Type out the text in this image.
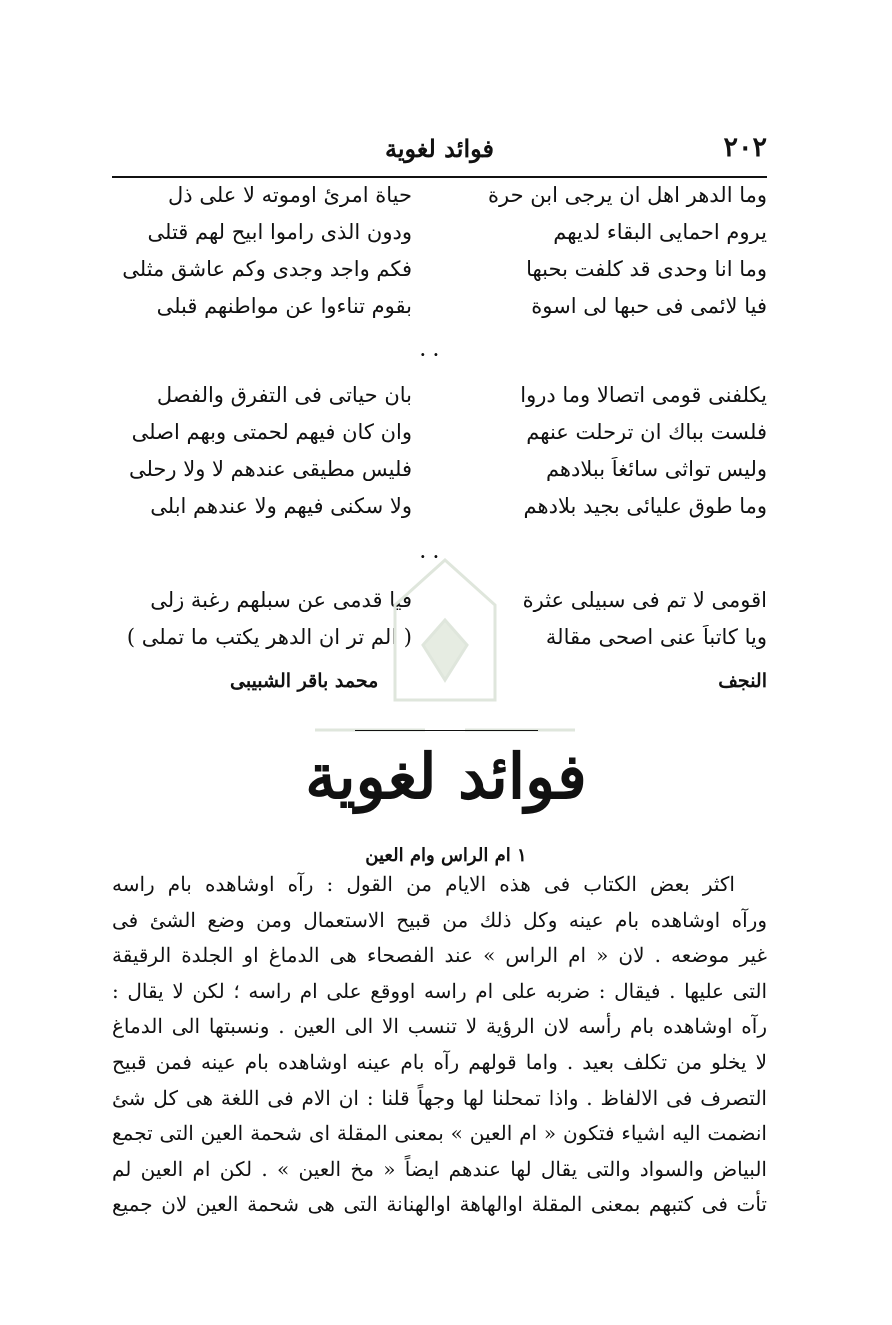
٢٠٢
فوائد لغوية
وما الدهر اهل ان يرجى ابن حرة
حياة امرئ اوموته لا على ذل
يروم احمايى البقاء لديهم
ودون الذى راموا ابيح لهم قتلى
وما انا وحدى قد كلفت بحبها
فكم واجد وجدى وكم عاشق مثلى
فيا لائمى فى حبها لى اسوة
بقوم تناءوا عن مواطنهم قبلى
· ·
يكلفنى قومى اتصالا وما دروا
بان حياتى فى التفرق والفصل
فلست بباك ان ترحلت عنهم
وان كان فيهم لحمتى وبهم اصلى
وليس تواثى سائغاً ببلادهم
فليس مطيقى عندهم لا ولا رحلى
وما طوق عليائى بجيد بلادهم
ولا سكنى فيهم ولا عندهم ابلى
· ·
اقومى لا تم فى سبيلى عثرة
فيا قدمى عن سبلهم رغبة زلى
ويا كاتباً عنى اصحى مقالة
( الم تر ان الدهر يكتب ما تملى )
النجف
محمد باقر الشبيبى
فوائد لغوية
١ ام الراس وام العين
اكثر بعض الكتاب فى هذه الايام من القول : رآه اوشاهده بام راسه
ورآه اوشاهده بام عينه وكل ذلك من قبيح الاستعمال ومن وضع الشئ فى
غير موضعه . لان « ام الراس » عند الفصحاء هى الدماغ او الجلدة الرقيقة
التى عليها . فيقال : ضربه على ام راسه اووقع على ام راسه ؛ لكن لا يقال :
رآه اوشاهده بام رأسه لان الرؤية لا تنسب الا الى العين . ونسبتها الى الدماغ
لا يخلو من تكلف بعيد . واما قولهم رآه بام عينه اوشاهده بام عينه فمن قبيح
التصرف فى الالفاظ . واذا تمحلنا لها وجهاً قلنا : ان الام فى اللغة هى كل شئ
انضمت اليه اشياء فتكون « ام العين » بمعنى المقلة اى شحمة العين التى تجمع
البياض والسواد والتى يقال لها عندهم ايضاً « مخ العين » . لكن ام العين لم
تأت فى كتبهم بمعنى المقلة اوالهاهة اوالهنانة التى هى شحمة العين لان جميع
